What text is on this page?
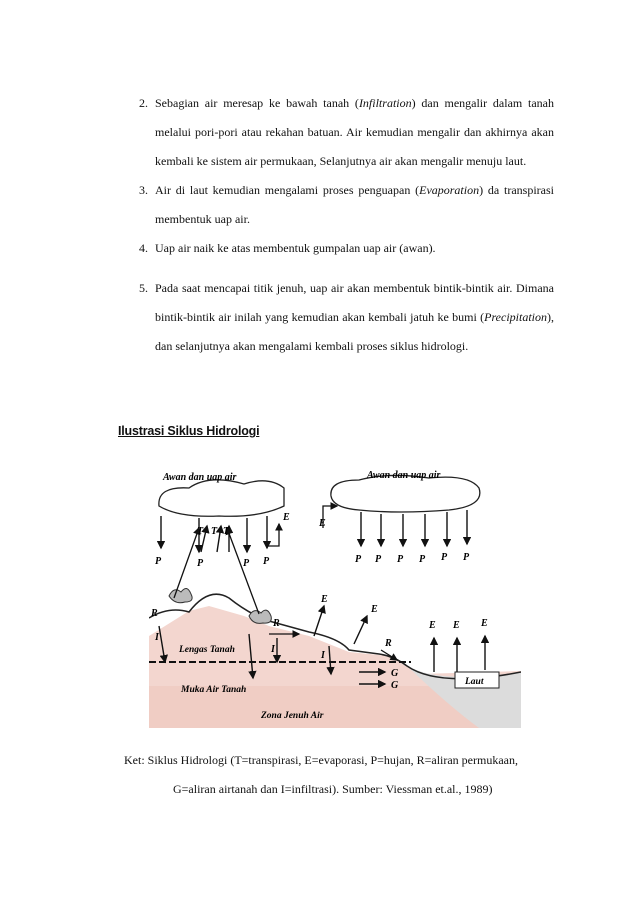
2. Sebagian air meresap ke bawah tanah (Infiltration) dan mengalir dalam tanah melalui pori-pori atau rekahan batuan. Air kemudian mengalir dan akhirnya akan kembali ke sistem air permukaan, Selanjutnya air akan mengalir menuju laut.
3. Air di laut kemudian mengalami proses penguapan (Evaporation) da transpirasi membentuk uap air.
4. Uap air naik ke atas membentuk gumpalan uap air (awan).
5. Pada saat mencapai titik jenuh, uap air akan membentuk bintik-bintik air. Dimana bintik-bintik air inilah yang kemudian akan kembali jatuh ke bumi (Precipitation), dan selanjutnya akan mengalami kembali proses siklus hidrologi.
Ilustrasi Siklus Hidrologi
Awan dan uap air	Awan dan uap air
T T T
P	P	P P
E
E
P P P P P P
R
R
R
E
E
E E E
I
I
I
G
G
Lengas Tanah
Muka Air Tanah
Zona Jenuh Air
Laut
Ket: Siklus Hidrologi (T=transpirasi, E=evaporasi, P=hujan, R=aliran permukaan,
G=aliran airtanah dan I=infiltrasi). Sumber: Viessman et.al., 1989)
